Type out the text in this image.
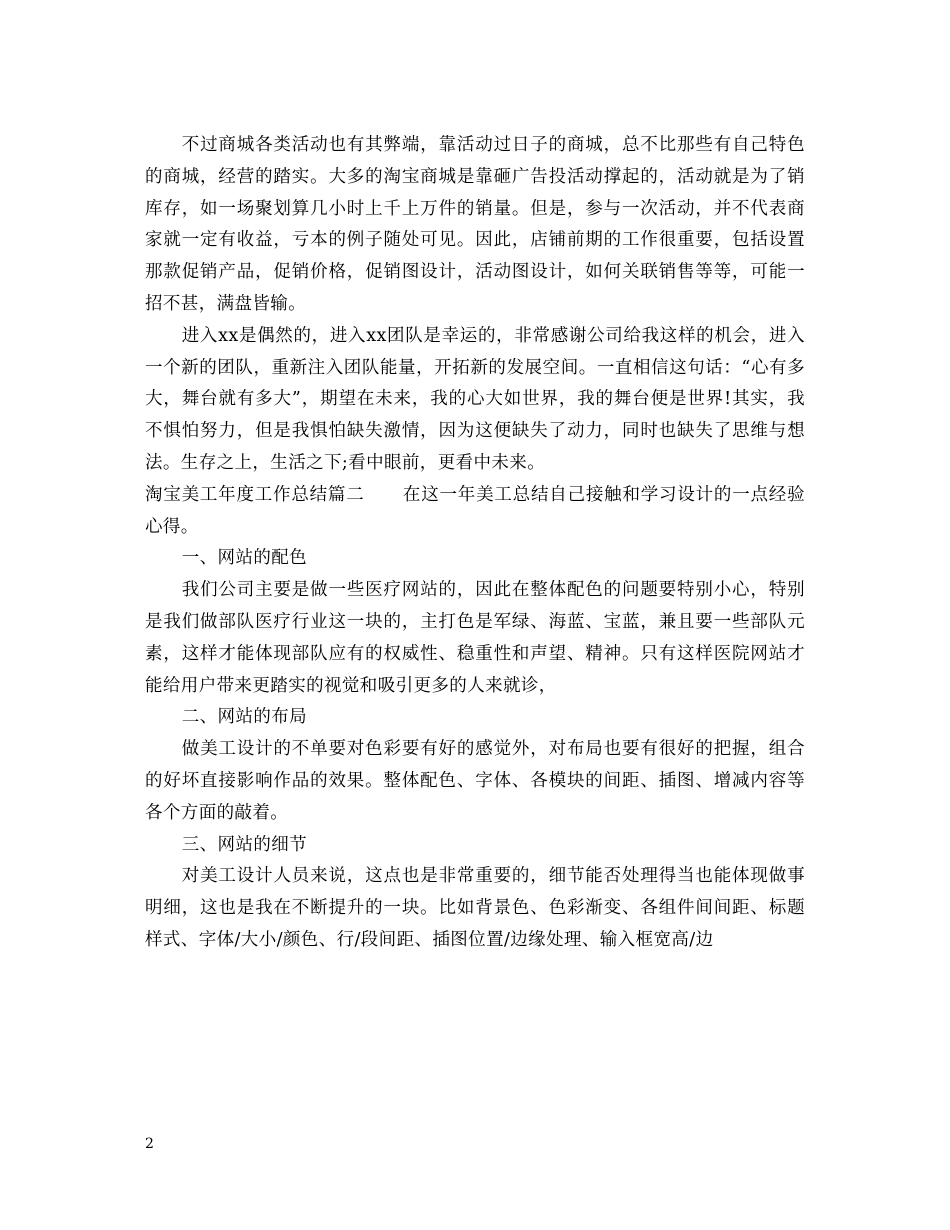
不过商城各类活动也有其弊端，靠活动过日子的商城，总不比那些有自己特色的商城，经营的踏实。大多的淘宝商城是靠砸广告投活动撑起的，活动就是为了销库存，如一场聚划算几小时上千上万件的销量。但是，参与一次活动，并不代表商家就一定有收益，亏本的例子随处可见。因此，店铺前期的工作很重要，包括设置那款促销产品，促销价格，促销图设计，活动图设计，如何关联销售等等，可能一招不甚，满盘皆输。

进入xx是偶然的，进入xx团队是幸运的，非常感谢公司给我这样的机会，进入一个新的团队，重新注入团队能量，开拓新的发展空间。一直相信这句话：“心有多大，舞台就有多大”，期望在未来，我的心大如世界，我的舞台便是世界!其实，我不惧怕努力，但是我惧怕缺失激情，因为这便缺失了动力，同时也缺失了思维与想法。生存之上，生活之下;看中眼前，更看中未来。

淘宝美工年度工作总结篇二 在这一年美工总结自己接触和学习设计的一点经验心得。

一、网站的配色

我们公司主要是做一些医疗网站的，因此在整体配色的问题要特别小心，特别是我们做部队医疗行业这一块的，主打色是军绿、海蓝、宝蓝，兼且要一些部队元素，这样才能体现部队应有的权威性、稳重性和声望、精神。只有这样医院网站才能给用户带来更踏实的视觉和吸引更多的人来就诊，

二、网站的布局

做美工设计的不单要对色彩要有好的感觉外，对布局也要有很好的把握，组合的好坏直接影响作品的效果。整体配色、字体、各模块的间距、插图、增减内容等各个方面的敲着。

三、网站的细节

对美工设计人员来说，这点也是非常重要的，细节能否处理得当也能体现做事明细，这也是我在不断提升的一块。比如背景色、色彩渐变、各组件间间距、标题样式、字体/大小/颜色、行/段间距、插图位置/边缘处理、输入框宽高/边

2
